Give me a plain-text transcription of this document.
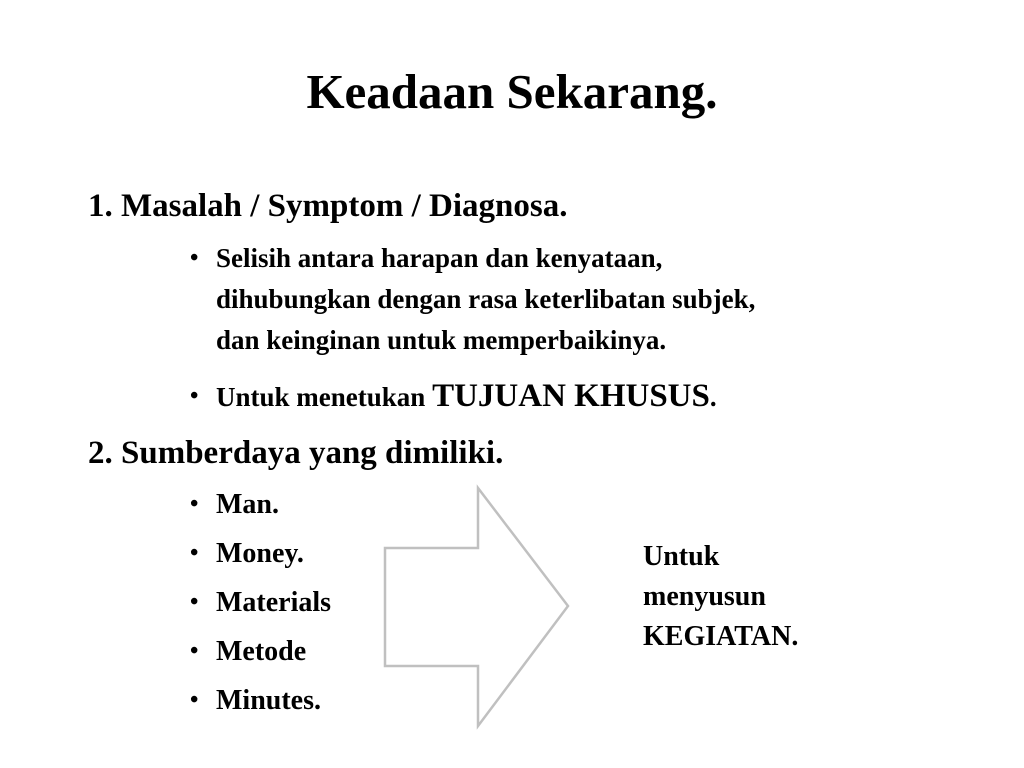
Keadaan Sekarang.
1. Masalah / Symptom / Diagnosa.
• Selisih antara harapan dan kenyataan,
dihubungkan dengan rasa keterlibatan subjek,
dan keinginan untuk memperbaikinya.
• Untuk menetukan TUJUAN KHUSUS.
2. Sumberdaya yang dimiliki.
• Man.
• Money.
• Materials
• Metode
• Minutes.
Untuk
menyusun
KEGIATAN.
